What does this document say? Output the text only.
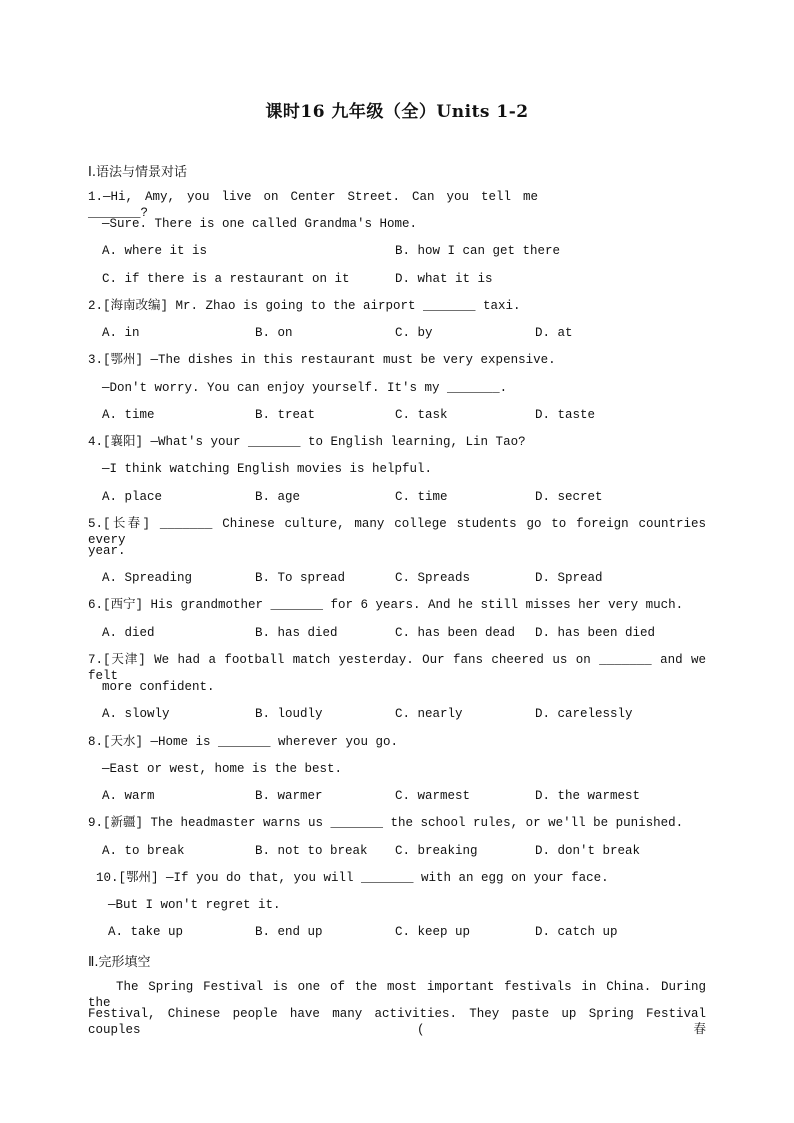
课时16 九年级（全）Units 1-2
Ⅰ.语法与情景对话
1.—Hi, Amy, you live on Center Street. Can you tell me _______?
—Sure. There is one called Grandma's Home.
A. where it is	B. how I can get there
C. if there is a restaurant on it	D. what it is
2.[海南改编] Mr. Zhao is going to the airport _______ taxi.
A. in	B. on	C. by	D. at
3.[鄂州] —The dishes in this restaurant must be very expensive.
—Don't worry. You can enjoy yourself. It's my _______.
A. time	B. treat	C. task	D. taste
4.[襄阳] —What's your _______ to English learning, Lin Tao?
—I think watching English movies is helpful.
A. place	B. age	C. time	D. secret
5.[长春] _______ Chinese culture, many college students go to foreign countries every
year.
A. Spreading	B. To spread	C. Spreads	D. Spread
6.[西宁] His grandmother _______ for 6 years. And he still misses her very much.
A. died	B. has died	C. has been dead D. has been died
7.[天津] We had a football match yesterday. Our fans cheered us on _______ and we felt
more confident.
A. slowly	B. loudly	C. nearly	D. carelessly
8.[天水] —Home is _______ wherever you go.
—East or west, home is the best.
A. warm	B. warmer	C. warmest	D. the warmest
9.[新疆] The headmaster warns us _______ the school rules, or we'll be punished.
A. to break	B. not to break C. breaking	D. don't break
10.[鄂州] —If you do that, you will _______ with an egg on your face.
—But I won't regret it.
A. take up	B. end up	C. keep up	D. catch up
Ⅱ.完形填空
The Spring Festival is one of the most important festivals in China. During the
Festival, Chinese people have many activities. They paste up Spring Festival couples (春
